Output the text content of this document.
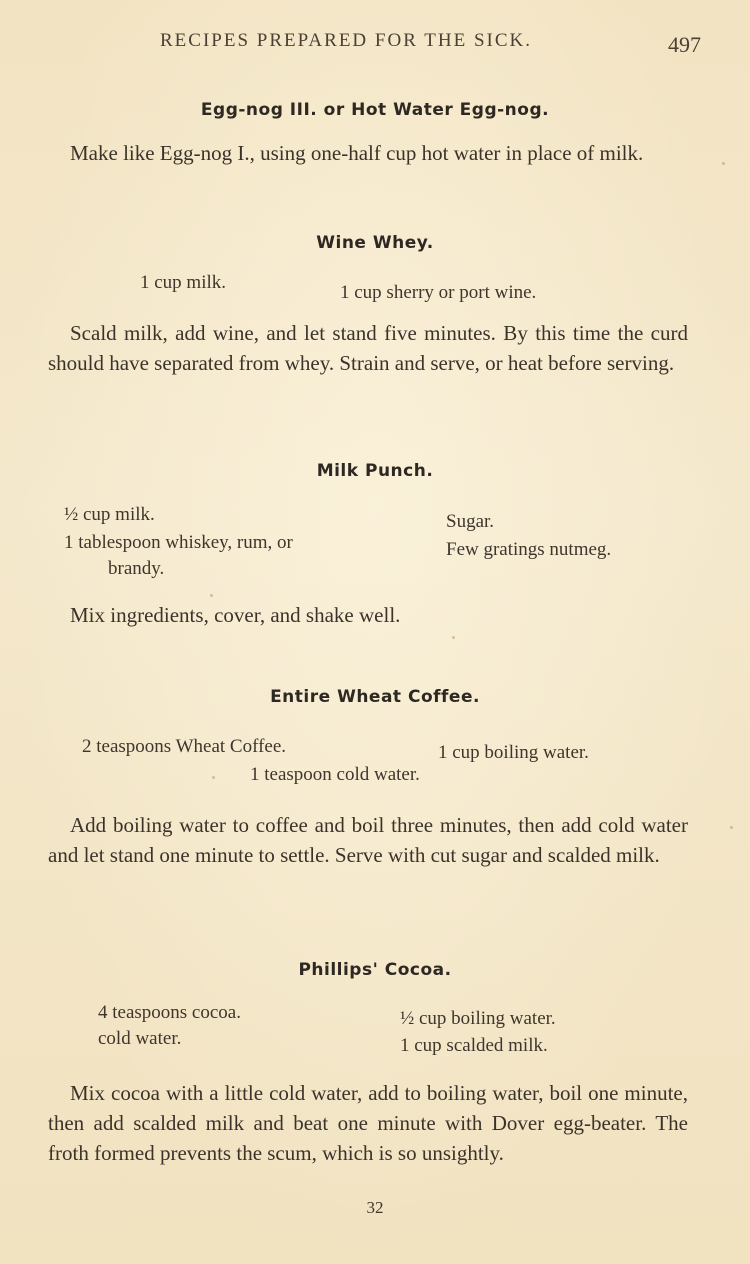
RECIPES PREPARED FOR THE SICK.	497
Egg-nog III. or Hot Water Egg-nog.
Make like Egg-nog I., using one-half cup hot water in place of milk.
Wine Whey.
1 cup milk.	1 cup sherry or port wine.
Scald milk, add wine, and let stand five minutes. By this time the curd should have separated from whey. Strain and serve, or heat before serving.
Milk Punch.
½ cup milk.
1 tablespoon whiskey, rum, or
brandy.
Sugar.
Few gratings nutmeg.
Mix ingredients, cover, and shake well.
Entire Wheat Coffee.
2 teaspoons Wheat Coffee.	1 cup boiling water.
1 teaspoon cold water.
Add boiling water to coffee and boil three minutes, then add cold water and let stand one minute to settle. Serve with cut sugar and scalded milk.
Phillips' Cocoa.
4 teaspoons cocoa.
cold water.
½ cup boiling water.
1 cup scalded milk.
Mix cocoa with a little cold water, add to boiling water, boil one minute, then add scalded milk and beat one minute with Dover egg-beater. The froth formed prevents the scum, which is so unsightly.
32
